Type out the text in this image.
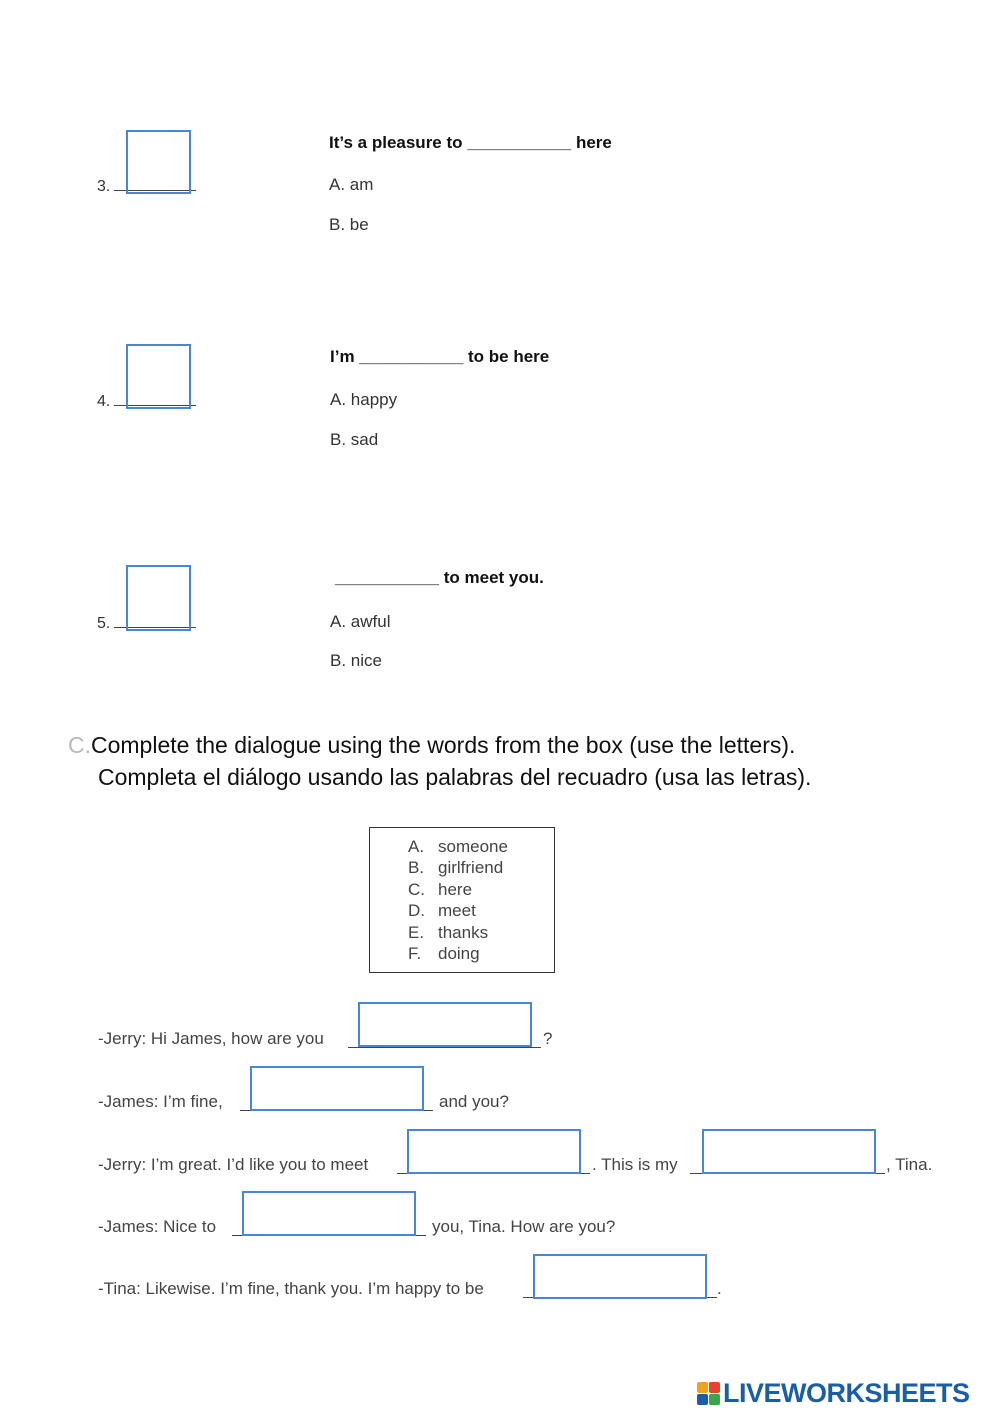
3.
It’s a pleasure to ___________ here
A. am
B. be
4.
I’m ___________ to be here
A. happy
B. sad
5.
___________ to meet you.
A. awful
B. nice
C.Complete the dialogue using the words from the box (use the letters).
Completa el diálogo usando las palabras del recuadro (usa las letras).
A. someone
B. girlfriend
C. here
D. meet
E. thanks
F. doing
-Jerry: Hi James, how are you	?
-James: I’m fine,	and you?
-Jerry: I’m great. I’d like you to meet	. This is my	, Tina.
-James: Nice to	you, Tina. How are you?
-Tina: Likewise. I’m fine, thank you. I’m happy to be	.
LIVEWORKSHEETS
